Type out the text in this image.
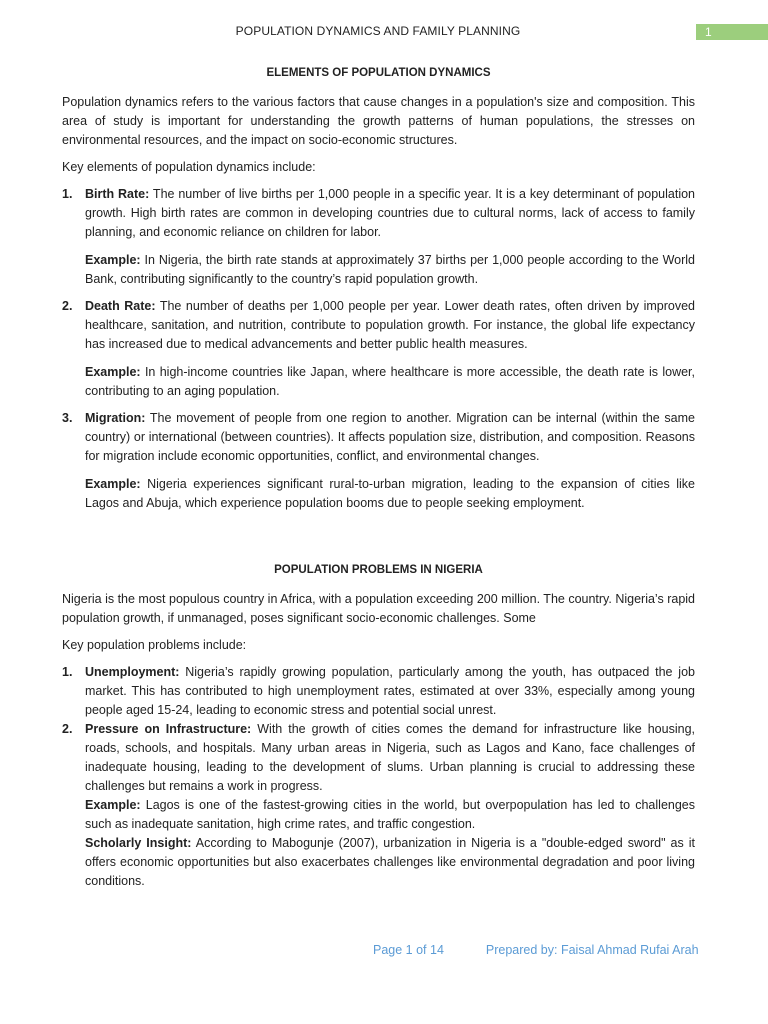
POPULATION DYNAMICS AND FAMILY PLANNING	1
ELEMENTS OF POPULATION DYNAMICS

Population dynamics refers to the various factors that cause changes in a population's size and composition. This area of study is important for understanding the growth patterns of human populations, the stresses on environmental resources, and the impact on socio-economic structures.

Key elements of population dynamics include:

1. Birth Rate: The number of live births per 1,000 people in a specific year. It is a key determinant of population growth. High birth rates are common in developing countries due to cultural norms, lack of access to family planning, and economic reliance on children for labor.
Example: In Nigeria, the birth rate stands at approximately 37 births per 1,000 people according to the World Bank, contributing significantly to the country’s rapid population growth.
2. Death Rate: The number of deaths per 1,000 people per year. Lower death rates, often driven by improved healthcare, sanitation, and nutrition, contribute to population growth. For instance, the global life expectancy has increased due to medical advancements and better public health measures.
Example: In high-income countries like Japan, where healthcare is more accessible, the death rate is lower, contributing to an aging population.
3. Migration: The movement of people from one region to another. Migration can be internal (within the same country) or international (between countries). It affects population size, distribution, and composition. Reasons for migration include economic opportunities, conflict, and environmental changes.
Example: Nigeria experiences significant rural-to-urban migration, leading to the expansion of cities like Lagos and Abuja, which experience population booms due to people seeking employment.
POPULATION PROBLEMS IN NIGERIA

Nigeria is the most populous country in Africa, with a population exceeding 200 million. The country. Nigeria’s rapid population growth, if unmanaged, poses significant socio-economic challenges. Some

Key population problems include:

1. Unemployment: Nigeria’s rapidly growing population, particularly among the youth, has outpaced the job market. This has contributed to high unemployment rates, estimated at over 33%, especially among young people aged 15-24, leading to economic stress and potential social unrest.
2. Pressure on Infrastructure: With the growth of cities comes the demand for infrastructure like housing, roads, schools, and hospitals. Many urban areas in Nigeria, such as Lagos and Kano, face challenges of inadequate housing, leading to the development of slums. Urban planning is crucial to addressing these challenges but remains a work in progress.
Example: Lagos is one of the fastest-growing cities in the world, but overpopulation has led to challenges such as inadequate sanitation, high crime rates, and traffic congestion.
Scholarly Insight: According to Mabogunje (2007), urbanization in Nigeria is a "double-edged sword" as it offers economic opportunities but also exacerbates challenges like environmental degradation and poor living conditions.
Page 1 of 14	Prepared by: Faisal Ahmad Rufai Arah
